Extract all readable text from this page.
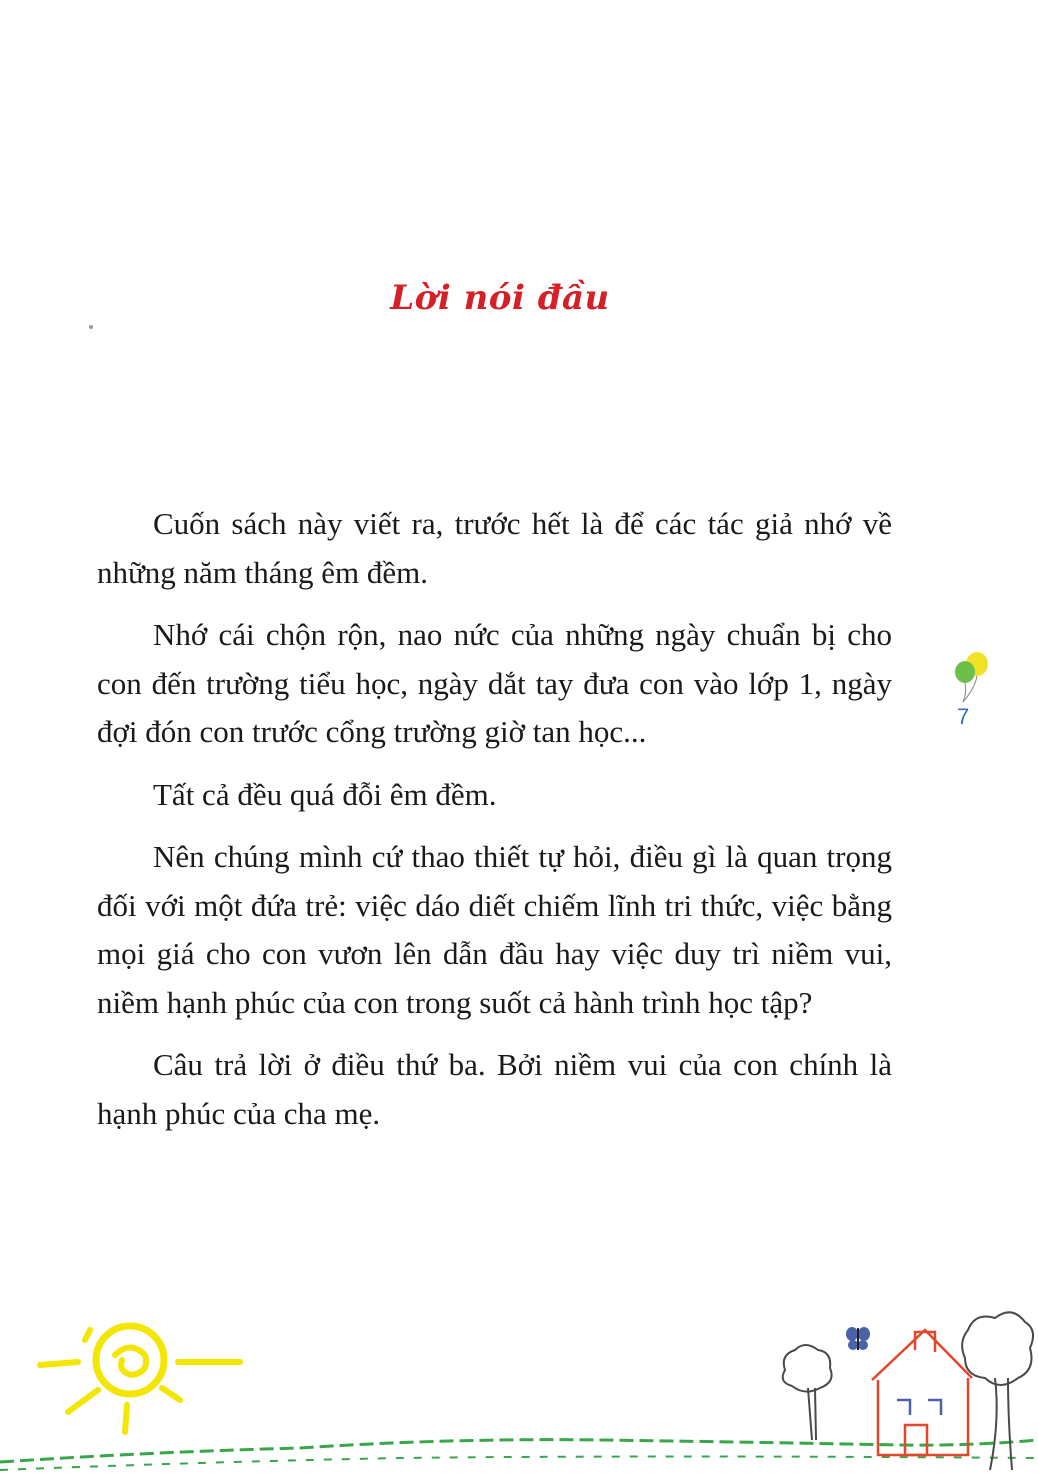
Lời nói đầu

Cuốn sách này viết ra, trước hết là để các tác giả nhớ về những năm tháng êm đềm.

Nhớ cái chộn rộn, nao nức của những ngày chuẩn bị cho con đến trường tiểu học, ngày dắt tay đưa con vào lớp 1, ngày đợi đón con trước cổng trường giờ tan học...

Tất cả đều quá đỗi êm đềm.

Nên chúng mình cứ thao thiết tự hỏi, điều gì là quan trọng đối với một đứa trẻ: việc dáo diết chiếm lĩnh tri thức, việc bằng mọi giá cho con vươn lên dẫn đầu hay việc duy trì niềm vui, niềm hạnh phúc của con trong suốt cả hành trình học tập?

Câu trả lời ở điều thứ ba. Bởi niềm vui của con chính là hạnh phúc của cha mẹ.

7
